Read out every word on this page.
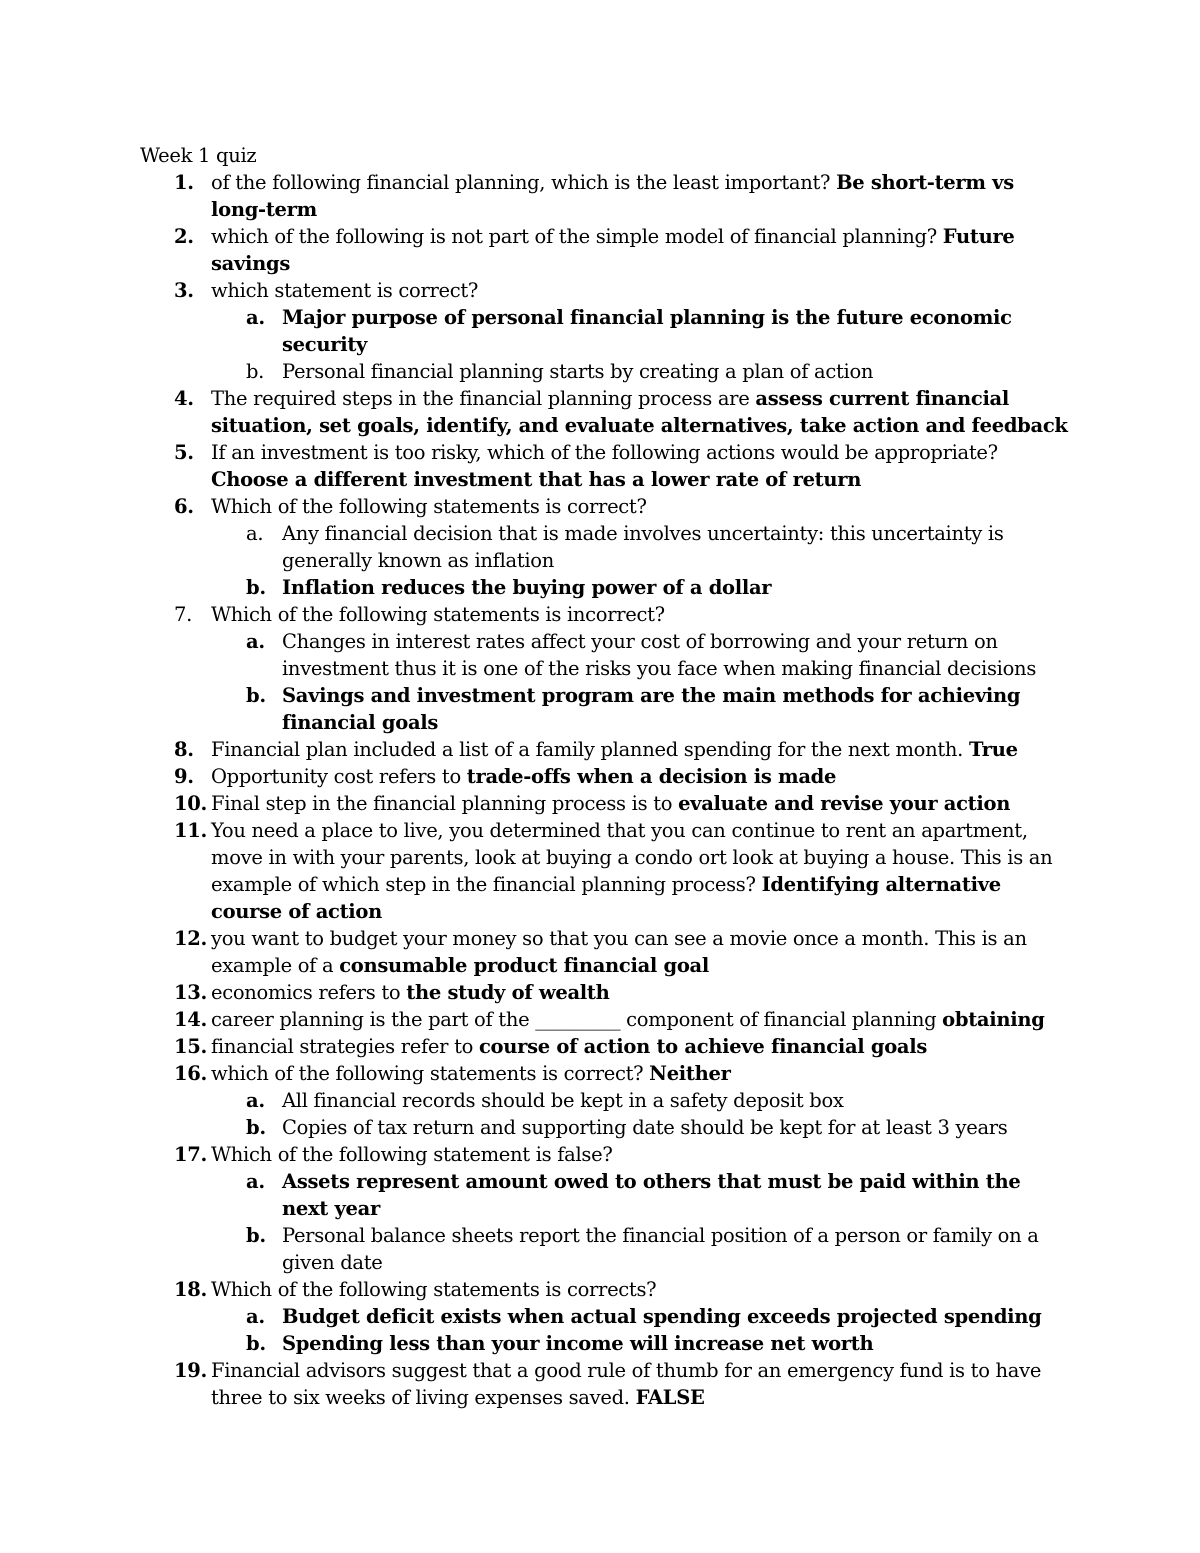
Week 1 quiz
1. of the following financial planning, which is the least important? Be short-term vs long-term
2. which of the following is not part of the simple model of financial planning? Future savings
3. which statement is correct?
a. Major purpose of personal financial planning is the future economic security
b. Personal financial planning starts by creating a plan of action
4. The required steps in the financial planning process are assess current financial situation, set goals, identify, and evaluate alternatives, take action and feedback
5. If an investment is too risky, which of the following actions would be appropriate? Choose a different investment that has a lower rate of return
6. Which of the following statements is correct?
a. Any financial decision that is made involves uncertainty: this uncertainty is generally known as inflation
b. Inflation reduces the buying power of a dollar
7. Which of the following statements is incorrect?
a. Changes in interest rates affect your cost of borrowing and your return on investment thus it is one of the risks you face when making financial decisions
b. Savings and investment program are the main methods for achieving financial goals
8. Financial plan included a list of a family planned spending for the next month. True
9. Opportunity cost refers to trade-offs when a decision is made
10. Final step in the financial planning process is to evaluate and revise your action
11. You need a place to live, you determined that you can continue to rent an apartment, move in with your parents, look at buying a condo ort look at buying a house. This is an example of which step in the financial planning process? Identifying alternative course of action
12. you want to budget your money so that you can see a movie once a month. This is an example of a consumable product financial goal
13. economics refers to the study of wealth
14. career planning is the part of the _________ component of financial planning obtaining
15. financial strategies refer to course of action to achieve financial goals
16. which of the following statements is correct? Neither
a. All financial records should be kept in a safety deposit box
b. Copies of tax return and supporting date should be kept for at least 3 years
17. Which of the following statement is false?
a. Assets represent amount owed to others that must be paid within the next year
b. Personal balance sheets report the financial position of a person or family on a given date
18. Which of the following statements is corrects?
a. Budget deficit exists when actual spending exceeds projected spending
b. Spending less than your income will increase net worth
19. Financial advisors suggest that a good rule of thumb for an emergency fund is to have three to six weeks of living expenses saved. FALSE
